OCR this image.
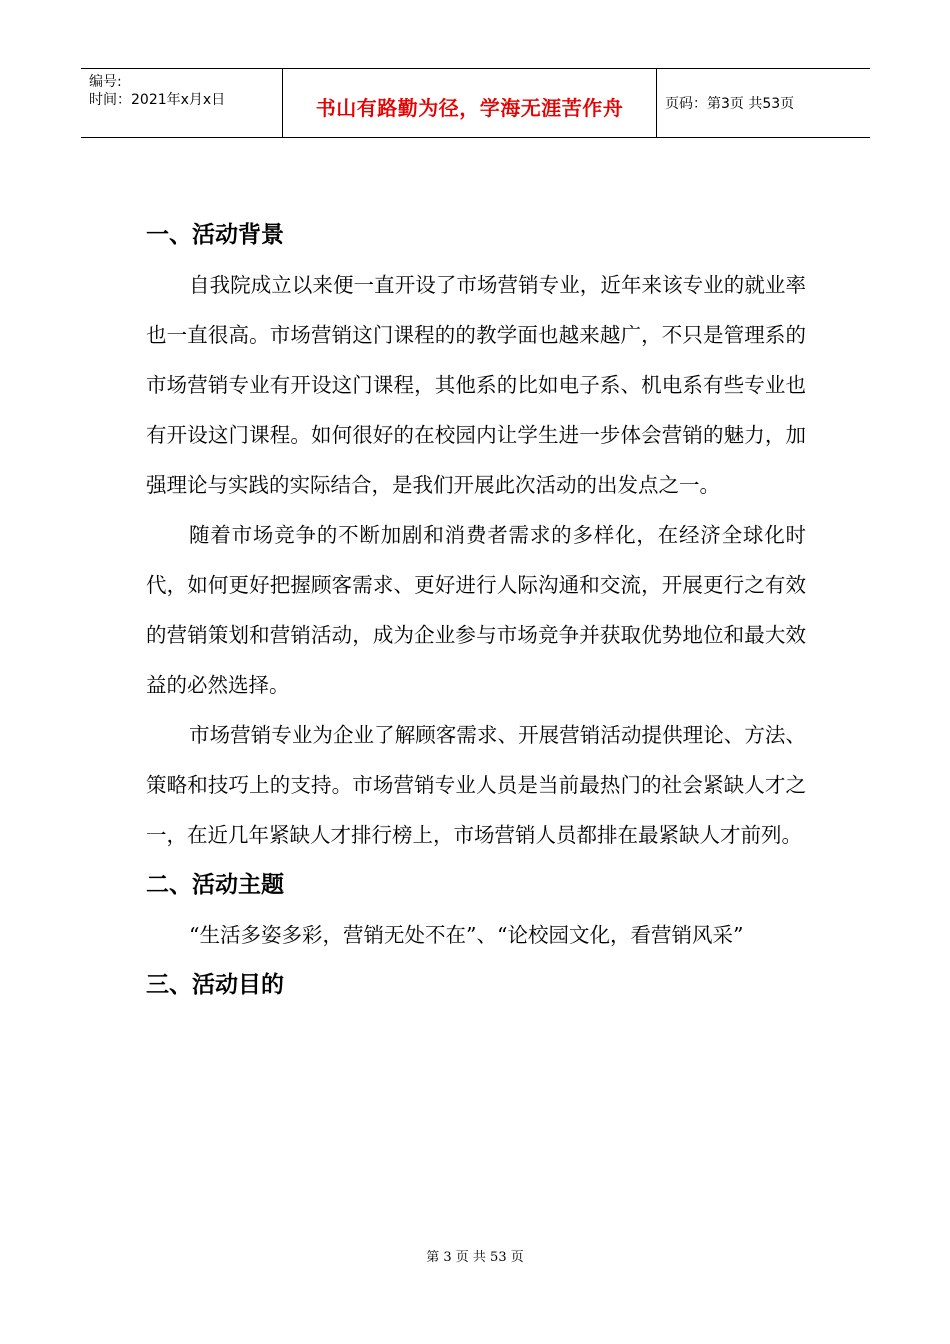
编号:
时间：2021年x月x日	书山有路勤为径，学海无涯苦作舟	页码：第3页 共53页
一、活动背景

自我院成立以来便一直开设了市场营销专业，近年来该专业的就业率也一直很高。市场营销这门课程的的教学面也越来越广，不只是管理系的市场营销专业有开设这门课程，其他系的比如电子系、机电系有些专业也有开设这门课程。如何很好的在校园内让学生进一步体会营销的魅力，加强理论与实践的实际结合，是我们开展此次活动的出发点之一。

随着市场竞争的不断加剧和消费者需求的多样化，在经济全球化时代，如何更好把握顾客需求、更好进行人际沟通和交流，开展更行之有效的营销策划和营销活动，成为企业参与市场竞争并获取优势地位和最大效益的必然选择。

市场营销专业为企业了解顾客需求、开展营销活动提供理论、方法、策略和技巧上的支持。市场营销专业人员是当前最热门的社会紧缺人才之一，在近几年紧缺人才排行榜上，市场营销人员都排在最紧缺人才前列。

二、活动主题

“生活多姿多彩，营销无处不在”、“论校园文化，看营销风采”

三、活动目的
第 3 页 共 53 页
